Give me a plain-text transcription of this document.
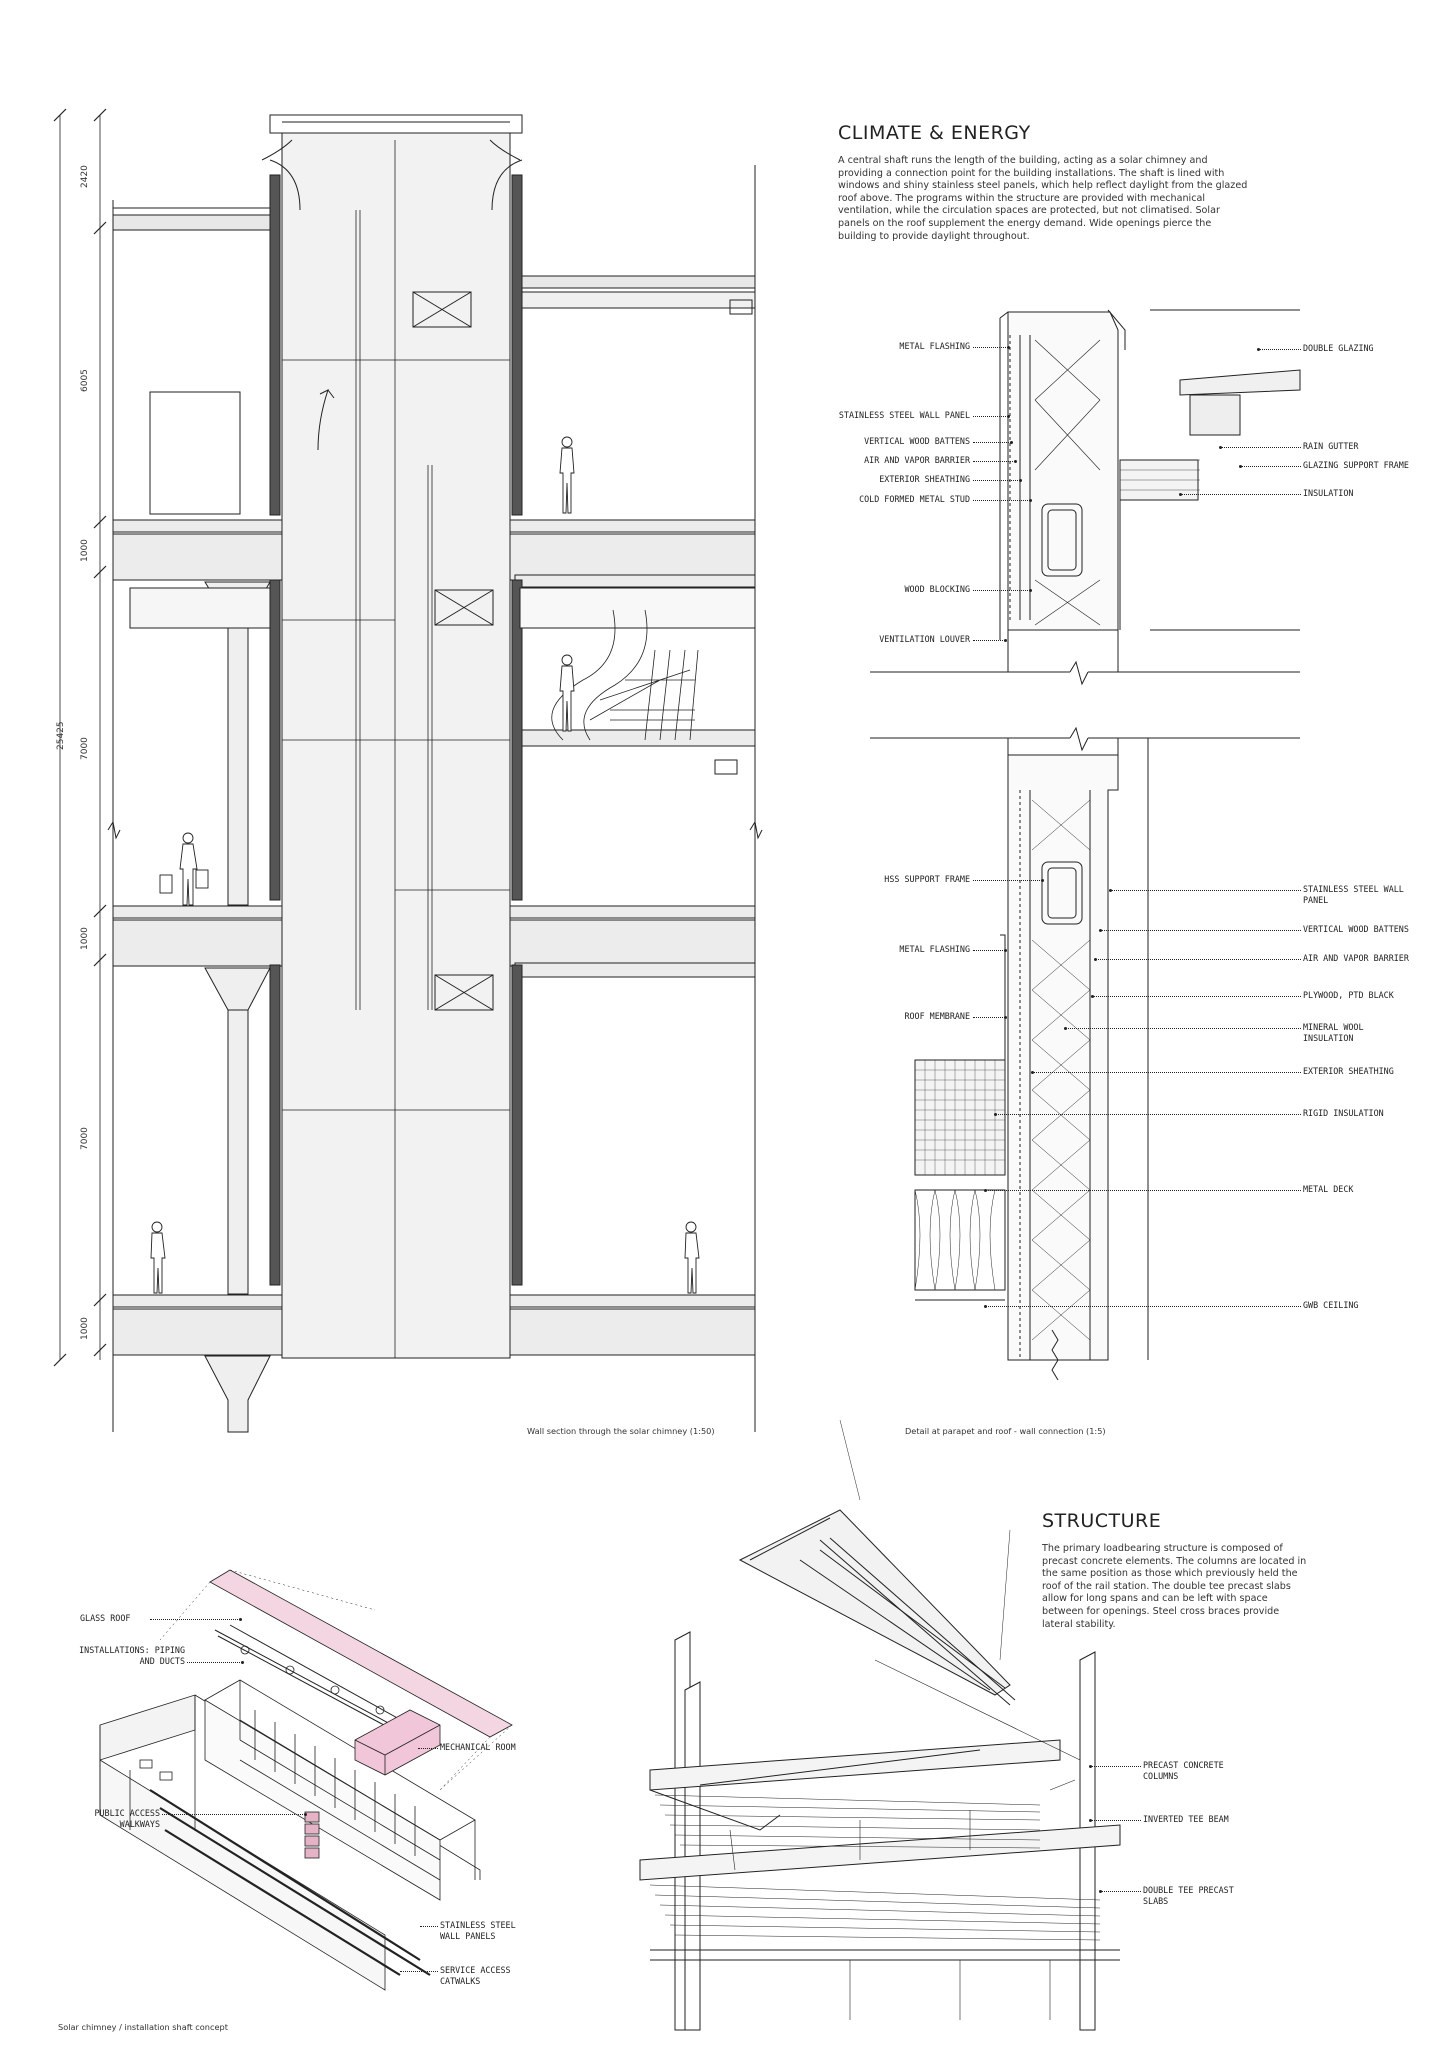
2420
6005
1000
7000
1000
7000
1000
25425
Wall section through the solar chimney (1:50)
CLIMATE & ENERGY
A central shaft runs the length of the building, acting as a solar chimney and providing a connection point for the building installations. The shaft is lined with windows and shiny stainless steel panels, which help reflect daylight from the glazed roof above. The programs within the structure are provided with mechanical ventilation, while the circulation spaces are protected, but not climatised. Solar panels on the roof supplement the energy demand. Wide openings pierce the building to provide daylight throughout.
METAL FLASHING
STAINLESS STEEL WALL PANEL
VERTICAL WOOD BATTENS
AIR AND VAPOR BARRIER
EXTERIOR SHEATHING
COLD FORMED METAL STUD
WOOD BLOCKING
VENTILATION LOUVER
DOUBLE GLAZING
RAIN GUTTER
GLAZING SUPPORT FRAME
INSULATION
HSS SUPPORT FRAME
METAL FLASHING
ROOF MEMBRANE
STAINLESS STEEL WALL PANEL
VERTICAL WOOD BATTENS
AIR AND VAPOR BARRIER
PLYWOOD, PTD BLACK
MINERAL WOOL INSULATION
EXTERIOR SHEATHING
RIGID INSULATION
METAL DECK
GWB CEILING
Detail at parapet and roof - wall connection (1:5)
GLASS ROOF
INSTALLATIONS: PIPING AND DUCTS
MECHANICAL ROOM
PUBLIC ACCESS WALKWAYS
STAINLESS STEEL WALL PANELS
SERVICE ACCESS CATWALKS
Solar chimney / installation shaft concept
STRUCTURE
The primary loadbearing structure is composed of precast concrete elements. The columns are located in the same position as those which previously held the roof of the rail station. The double tee precast slabs allow for long spans and can be left with space between for openings. Steel cross braces provide lateral stability.
PRECAST CONCRETE COLUMNS
INVERTED TEE BEAM
DOUBLE TEE PRECAST SLABS
